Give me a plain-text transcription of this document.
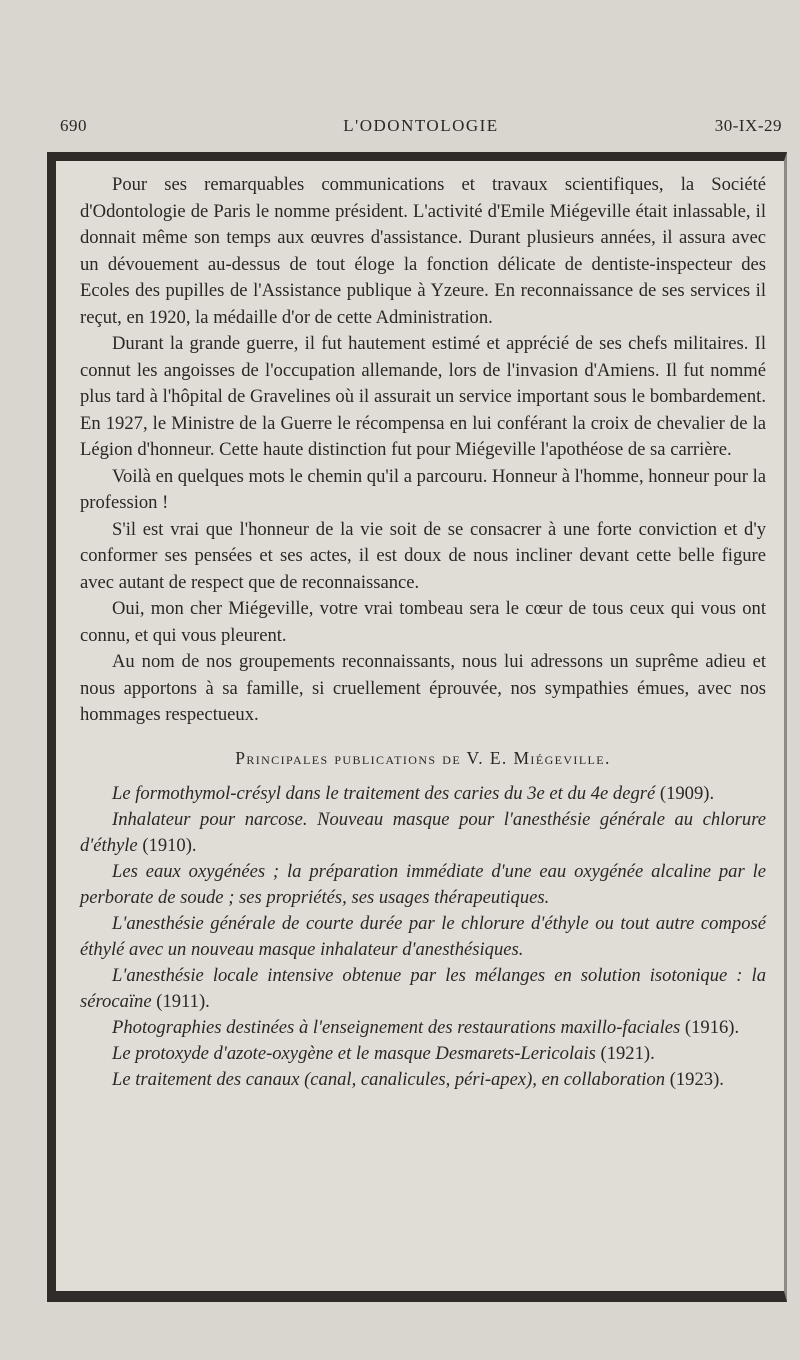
690	L'ODONTOLOGIE	30-IX-29

Pour ses remarquables communications et travaux scientifiques, la Société d'Odontologie de Paris le nomme président. L'activité d'Emile Miégeville était inlassable, il donnait même son temps aux œuvres d'assistance. Durant plusieurs années, il assura avec un dévouement au-dessus de tout éloge la fonction délicate de dentiste-inspecteur des Ecoles des pupilles de l'Assistance publique à Yzeure. En reconnaissance de ses services il reçut, en 1920, la médaille d'or de cette Administration.

Durant la grande guerre, il fut hautement estimé et apprécié de ses chefs militaires. Il connut les angoisses de l'occupation allemande, lors de l'invasion d'Amiens. Il fut nommé plus tard à l'hôpital de Gravelines où il assurait un service important sous le bombardement. En 1927, le Ministre de la Guerre le récompensa en lui conférant la croix de chevalier de la Légion d'honneur. Cette haute distinction fut pour Miégeville l'apothéose de sa carrière.

Voilà en quelques mots le chemin qu'il a parcouru. Honneur à l'homme, honneur pour la profession !

S'il est vrai que l'honneur de la vie soit de se consacrer à une forte conviction et d'y conformer ses pensées et ses actes, il est doux de nous incliner devant cette belle figure avec autant de respect que de reconnaissance.

Oui, mon cher Miégeville, votre vrai tombeau sera le cœur de tous ceux qui vous ont connu, et qui vous pleurent.

Au nom de nos groupements reconnaissants, nous lui adressons un suprême adieu et nous apportons à sa famille, si cruellement éprouvée, nos sympathies émues, avec nos hommages respectueux.

Principales publications de V. E. Miégeville.

Le formothymol-crésyl dans le traitement des caries du 3e et du 4e degré (1909).

Inhalateur pour narcose. Nouveau masque pour l'anesthésie générale au chlorure d'éthyle (1910).

Les eaux oxygénées ; la préparation immédiate d'une eau oxygénée alcaline par le perborate de soude ; ses propriétés, ses usages thérapeutiques.

L'anesthésie générale de courte durée par le chlorure d'éthyle ou tout autre composé éthylé avec un nouveau masque inhalateur d'anesthésiques.

L'anesthésie locale intensive obtenue par les mélanges en solution isotonique : la sérocaïne (1911).

Photographies destinées à l'enseignement des restaurations maxillo-faciales (1916).

Le protoxyde d'azote-oxygène et le masque Desmarets-Lericolais (1921).

Le traitement des canaux (canal, canalicules, péri-apex), en collaboration (1923).
